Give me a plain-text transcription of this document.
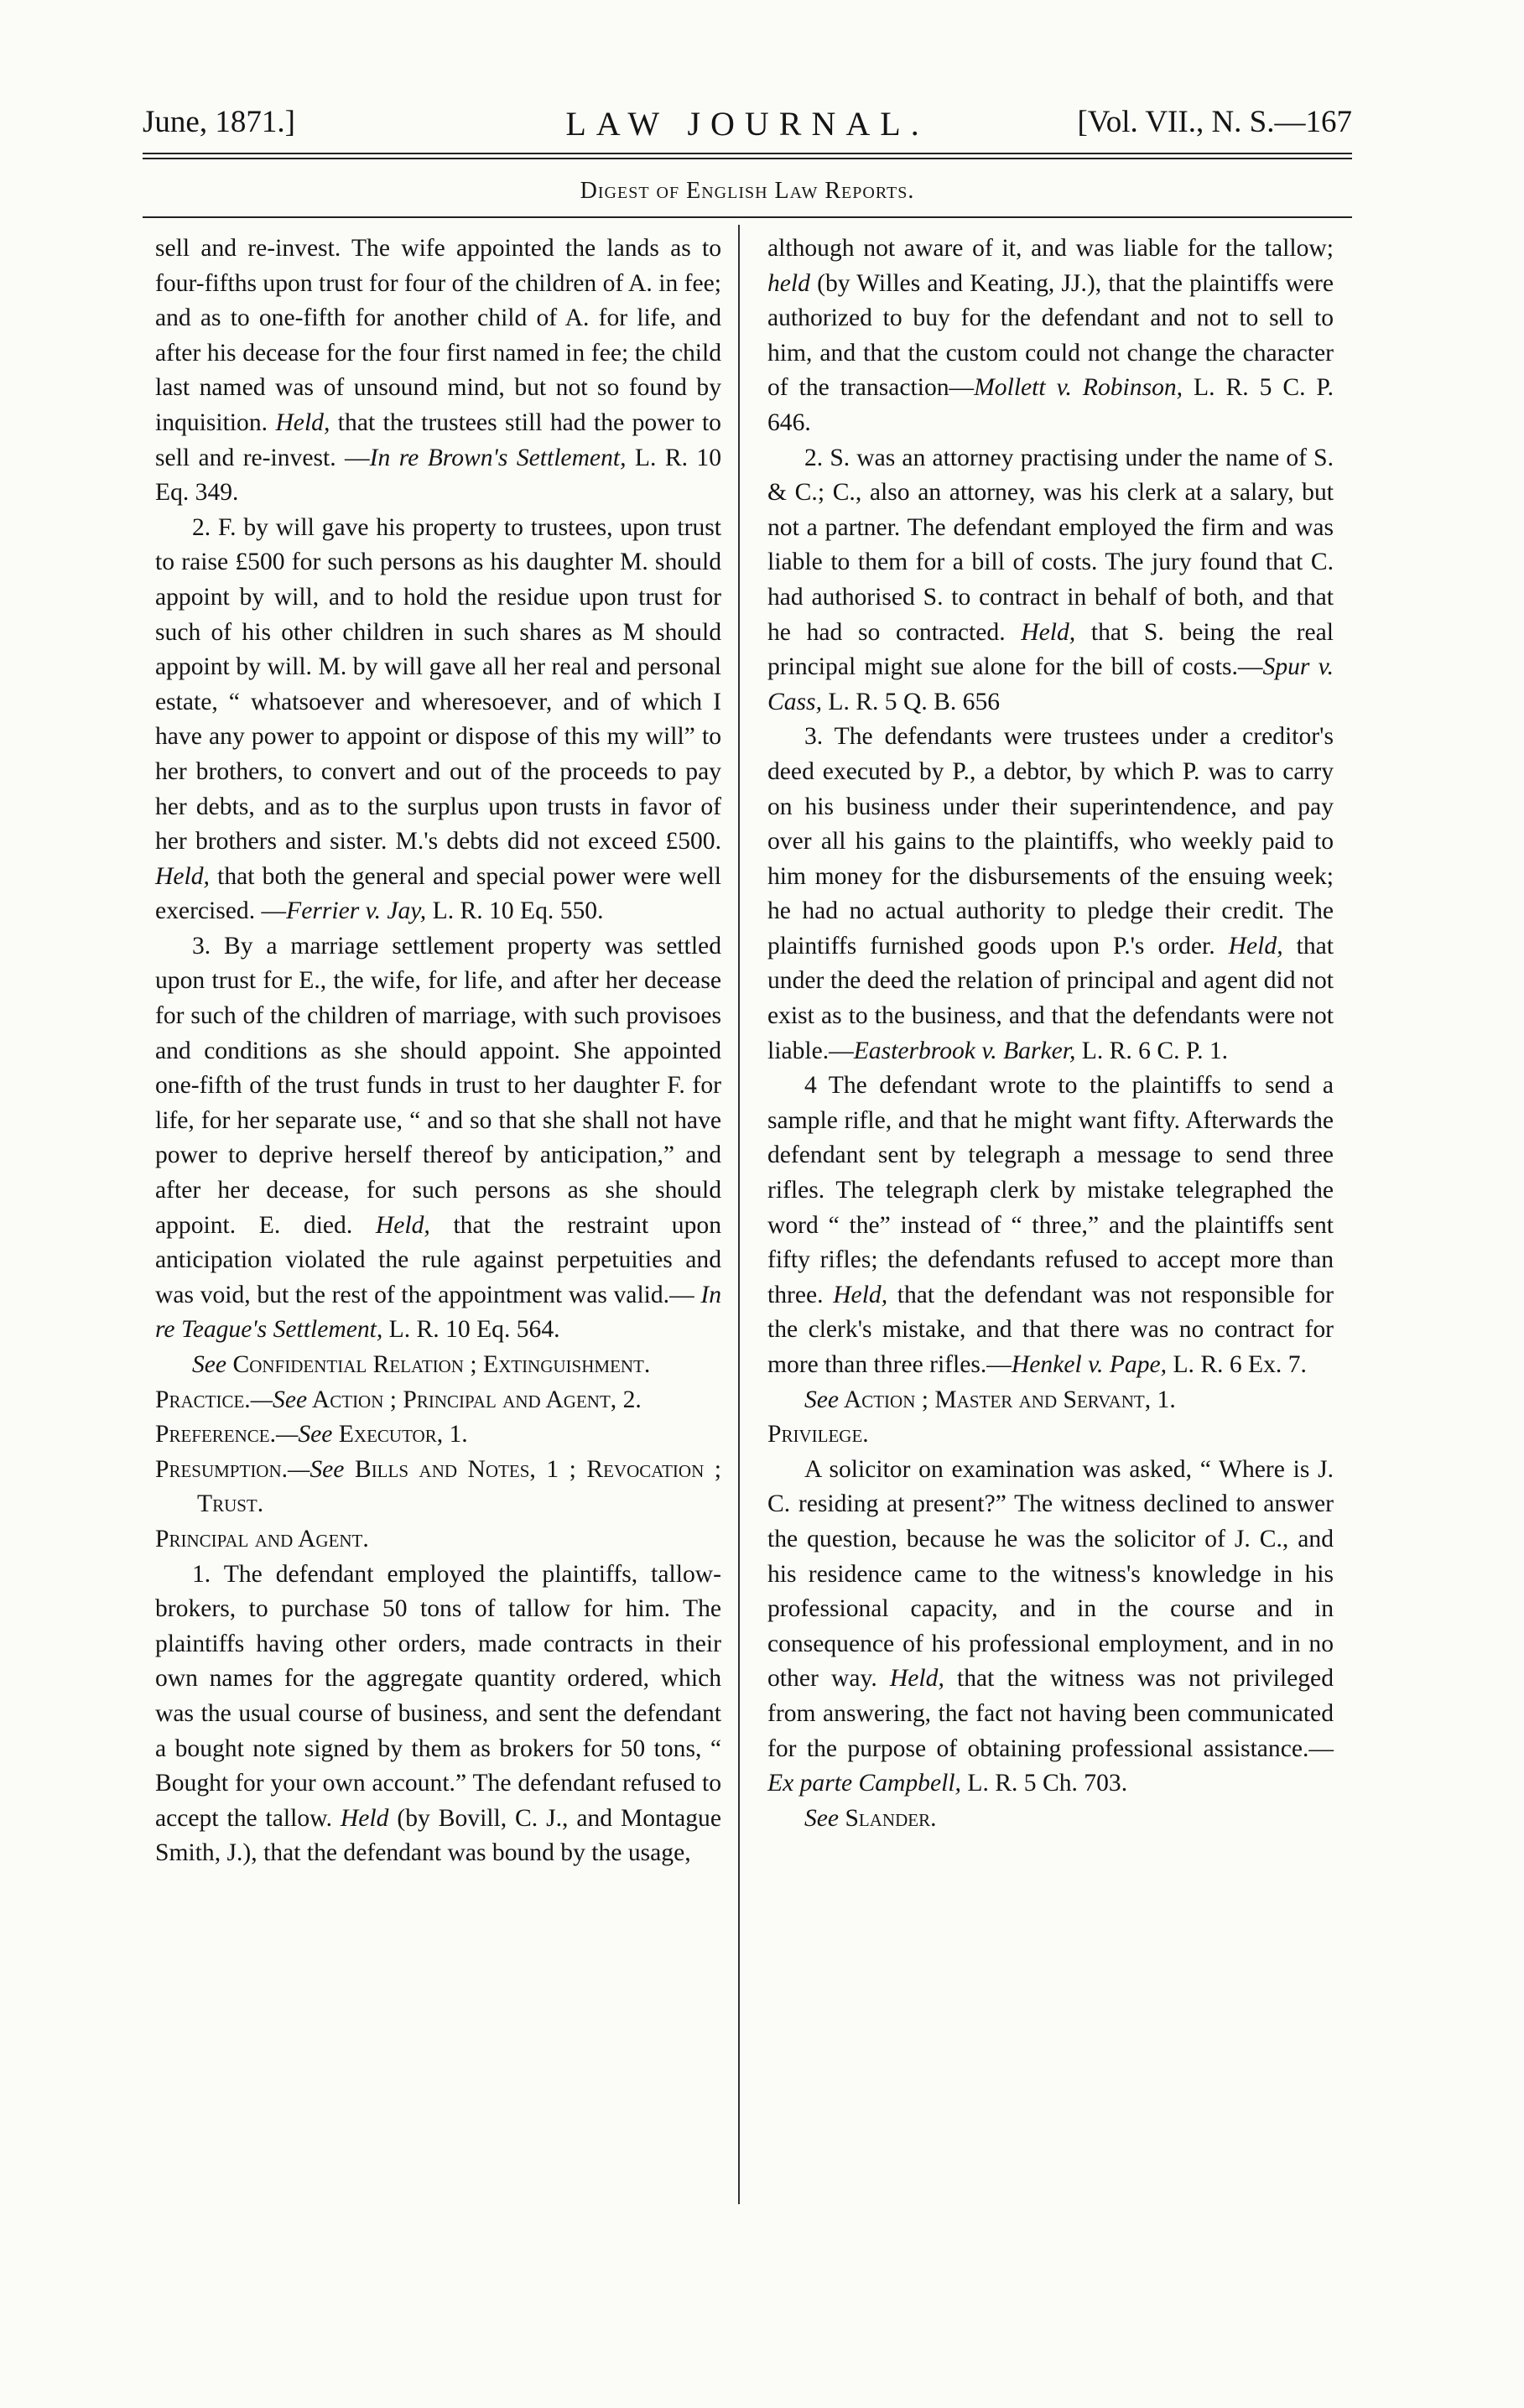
June, 1871.]	LAW JOURNAL.	[Vol. VII., N. S.—167
Digest of English Law Reports.

sell and re-invest. The wife appointed the lands as to four-fifths upon trust for four of the children of A. in fee; and as to one-fifth for another child of A. for life, and after his decease for the four first named in fee; the child last named was of unsound mind, but not so found by inquisition. Held, that the trustees still had the power to sell and re-invest. —In re Brown's Settlement, L. R. 10 Eq. 349.

2. F. by will gave his property to trustees, upon trust to raise £500 for such persons as his daughter M. should appoint by will, and to hold the residue upon trust for such of his other children in such shares as M should appoint by will. M. by will gave all her real and personal estate, “ whatsoever and wheresoever, and of which I have any power to appoint or dispose of this my will” to her brothers, to convert and out of the proceeds to pay her debts, and as to the surplus upon trusts in favor of her brothers and sister. M.'s debts did not exceed £500. Held, that both the general and special power were well exercised. —Ferrier v. Jay, L. R. 10 Eq. 550.

3. By a marriage settlement property was settled upon trust for E., the wife, for life, and after her decease for such of the children of marriage, with such provisoes and conditions as she should appoint. She appointed one-fifth of the trust funds in trust to her daughter F. for life, for her separate use, “ and so that she shall not have power to deprive herself thereof by anticipation,” and after her decease, for such persons as she should appoint. E. died. Held, that the restraint upon anticipation violated the rule against perpetuities and was void, but the rest of the appointment was valid.— In re Teague's Settlement, L. R. 10 Eq. 564.

See Confidential Relation ; Extinguishment.

Practice.—See Action ; Principal and Agent, 2.

Preference.—See Executor, 1.

Presumption.—See Bills and Notes, 1 ; Revocation ; Trust.

Principal and Agent.

1. The defendant employed the plaintiffs, tallow-brokers, to purchase 50 tons of tallow for him. The plaintiffs having other orders, made contracts in their own names for the aggregate quantity ordered, which was the usual course of business, and sent the defendant a bought note signed by them as brokers for 50 tons, “ Bought for your own account.” The defendant refused to accept the tallow. Held (by Bovill, C. J., and Montague Smith, J.), that the defendant was bound by the usage,

although not aware of it, and was liable for the tallow; held (by Willes and Keating, JJ.), that the plaintiffs were authorized to buy for the defendant and not to sell to him, and that the custom could not change the character of the transaction—Mollett v. Robinson, L. R. 5 C. P. 646.

2. S. was an attorney practising under the name of S. & C.; C., also an attorney, was his clerk at a salary, but not a partner. The defendant employed the firm and was liable to them for a bill of costs. The jury found that C. had authorised S. to contract in behalf of both, and that he had so contracted. Held, that S. being the real principal might sue alone for the bill of costs.—Spur v. Cass, L. R. 5 Q. B. 656

3. The defendants were trustees under a creditor's deed executed by P., a debtor, by which P. was to carry on his business under their superintendence, and pay over all his gains to the plaintiffs, who weekly paid to him money for the disbursements of the ensuing week; he had no actual authority to pledge their credit. The plaintiffs furnished goods upon P.'s order. Held, that under the deed the relation of principal and agent did not exist as to the business, and that the defendants were not liable.—Easterbrook v. Barker, L. R. 6 C. P. 1.

4 The defendant wrote to the plaintiffs to send a sample rifle, and that he might want fifty. Afterwards the defendant sent by telegraph a message to send three rifles. The telegraph clerk by mistake telegraphed the word “ the” instead of “ three,” and the plaintiffs sent fifty rifles; the defendants refused to accept more than three. Held, that the defendant was not responsible for the clerk's mistake, and that there was no contract for more than three rifles.—Henkel v. Pape, L. R. 6 Ex. 7.

See Action ; Master and Servant, 1.

Privilege.

A solicitor on examination was asked, “ Where is J. C. residing at present?” The witness declined to answer the question, because he was the solicitor of J. C., and his residence came to the witness's knowledge in his professional capacity, and in the course and in consequence of his professional employment, and in no other way. Held, that the witness was not privileged from answering, the fact not having been communicated for the purpose of obtaining professional assistance.—Ex parte Campbell, L. R. 5 Ch. 703.

See Slander.
